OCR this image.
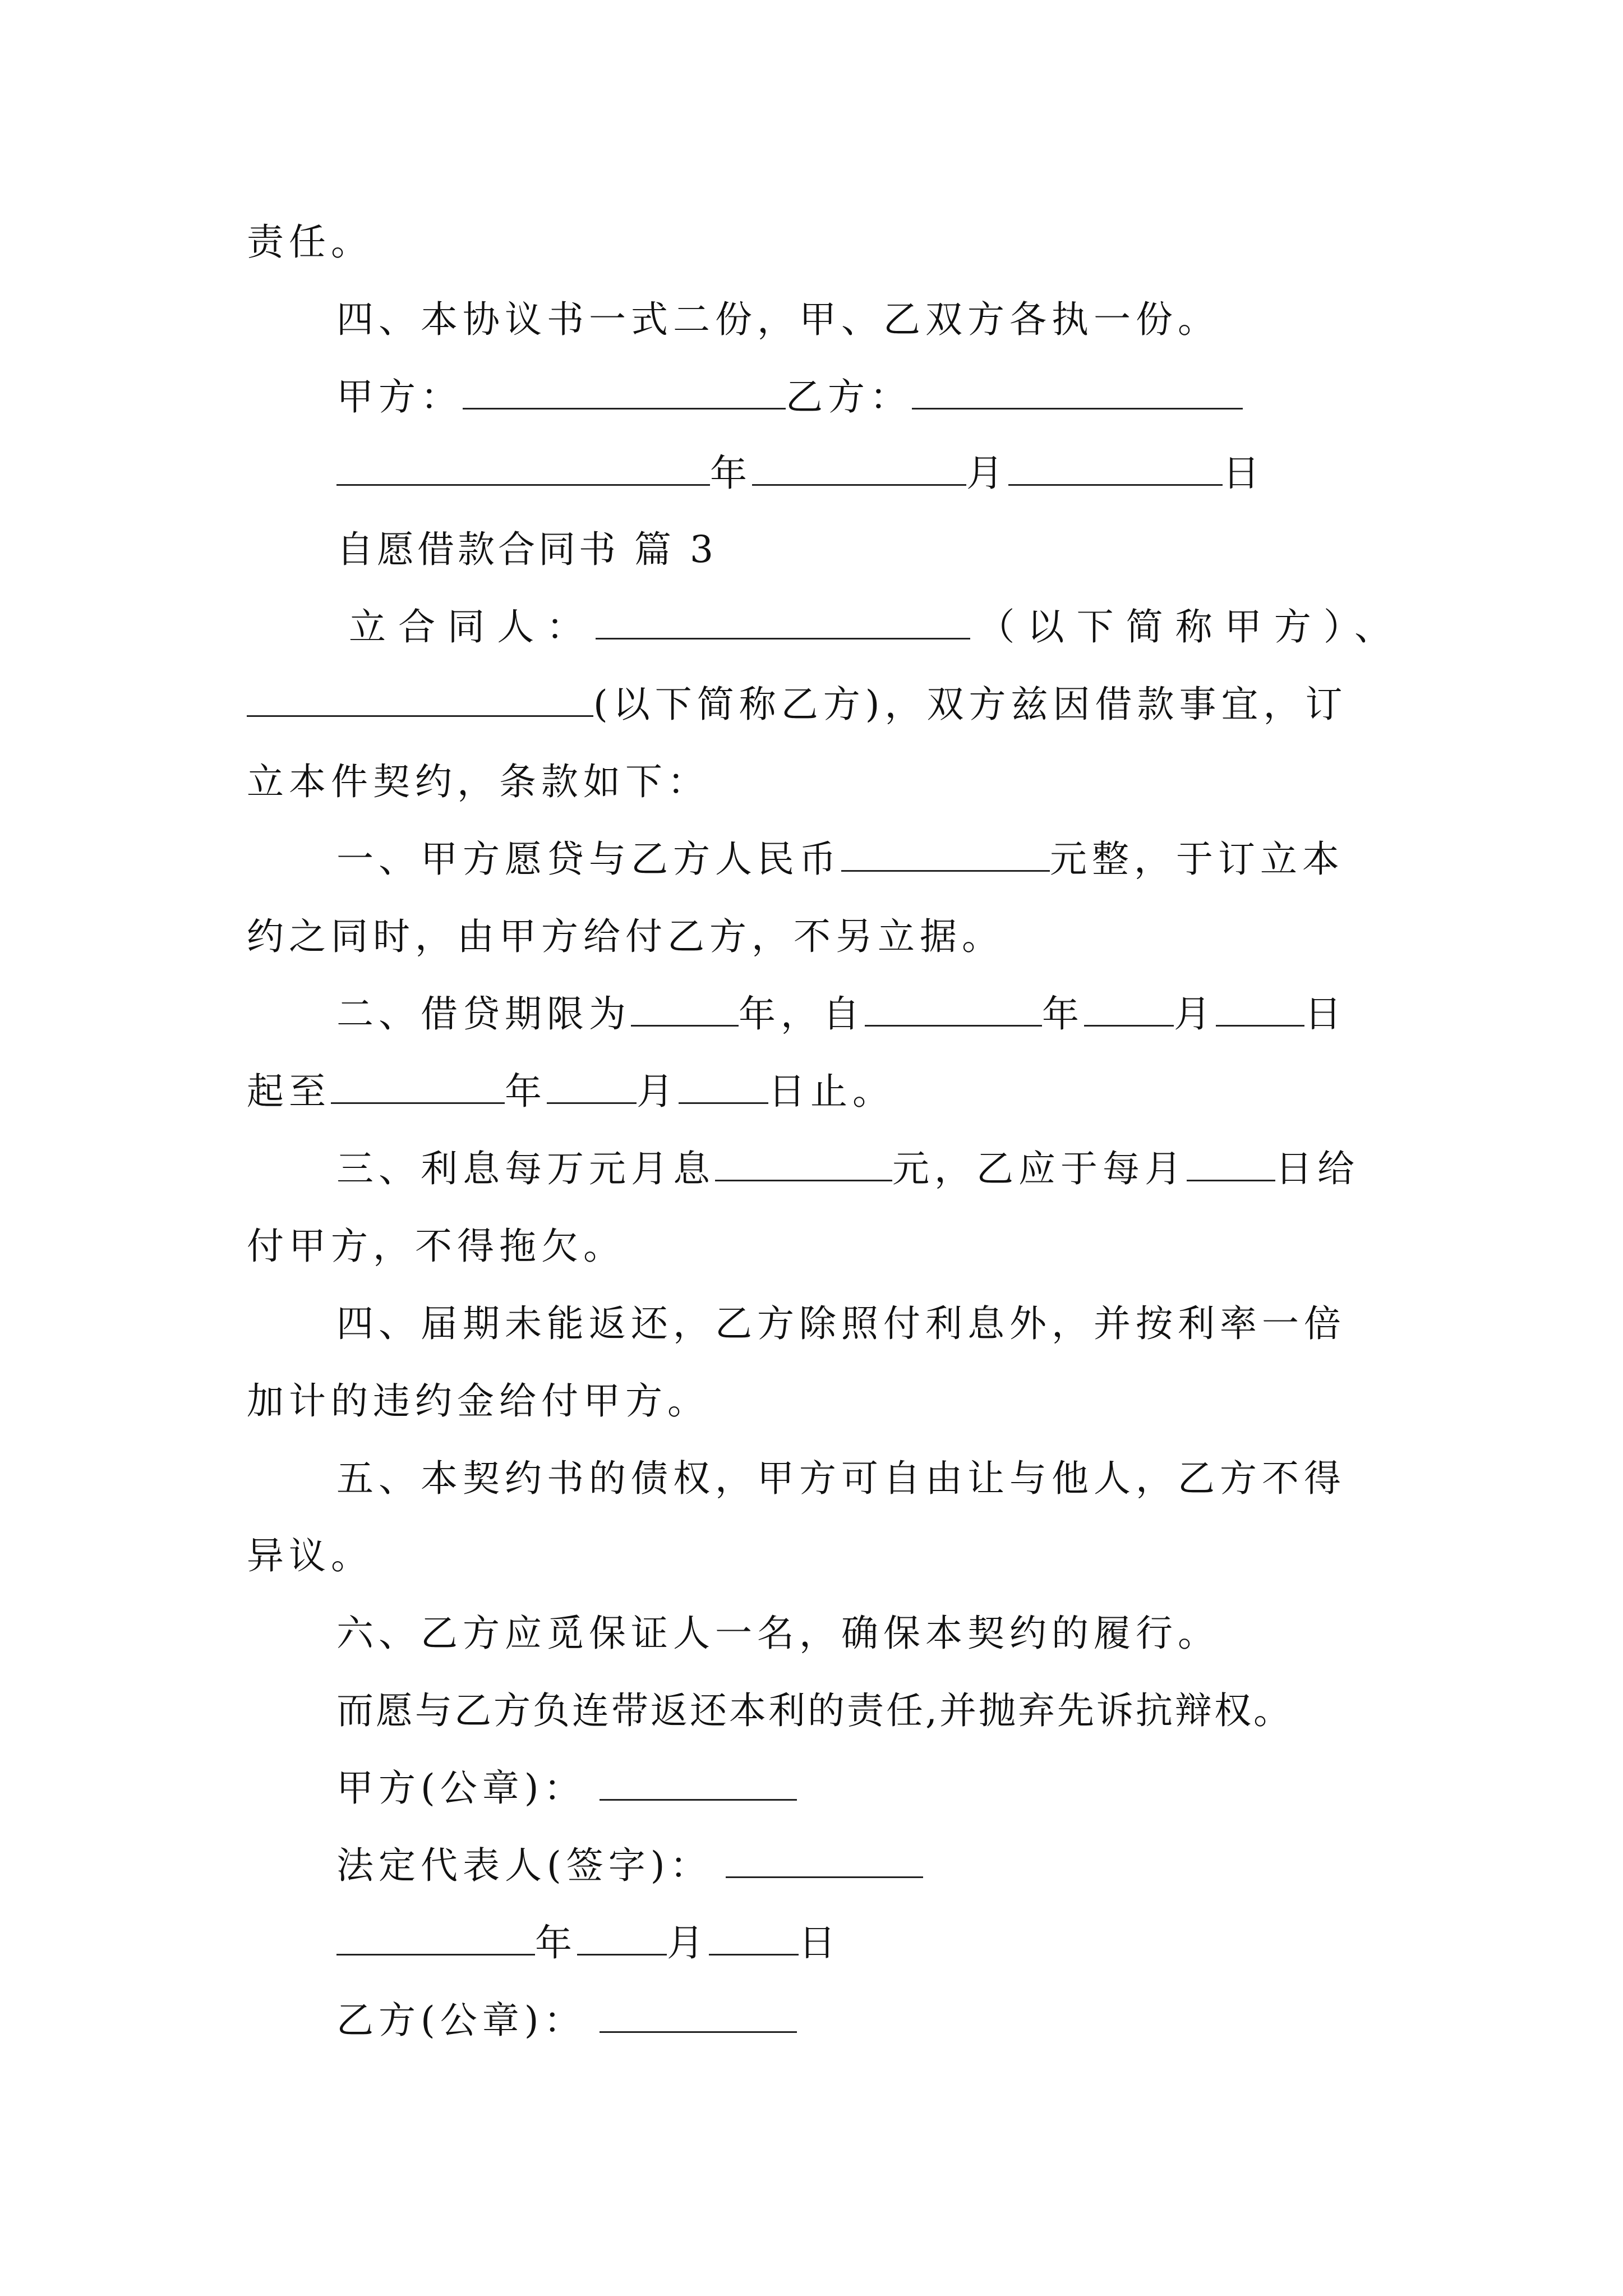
责任。
四、本协议书一式二份，甲、乙双方各执一份。
甲方：	乙方：
年	月	日
自愿借款合同书 篇 3
立合同人：	（以下简称甲方）、
(以下简称乙方)，双方兹因借款事宜，订
立本件契约，条款如下：
一、甲方愿贷与乙方人民币	元整，于订立本
约之同时，由甲方给付乙方，不另立据。
二、借贷期限为	年，自	年 月 日
起至	年 月 日止。
三、利息每万元月息	元，乙应于每月 日给
付甲方，不得拖欠。
四、届期未能返还，乙方除照付利息外，并按利率一倍
加计的违约金给付甲方。
五、本契约书的债权，甲方可自由让与他人，乙方不得
异议。
六、乙方应觅保证人一名，确保本契约的履行。
而愿与乙方负连带返还本利的责任,并抛弃先诉抗辩权。
甲方(公章)：
法定代表人(签字)：
年 月 日
乙方(公章)：
